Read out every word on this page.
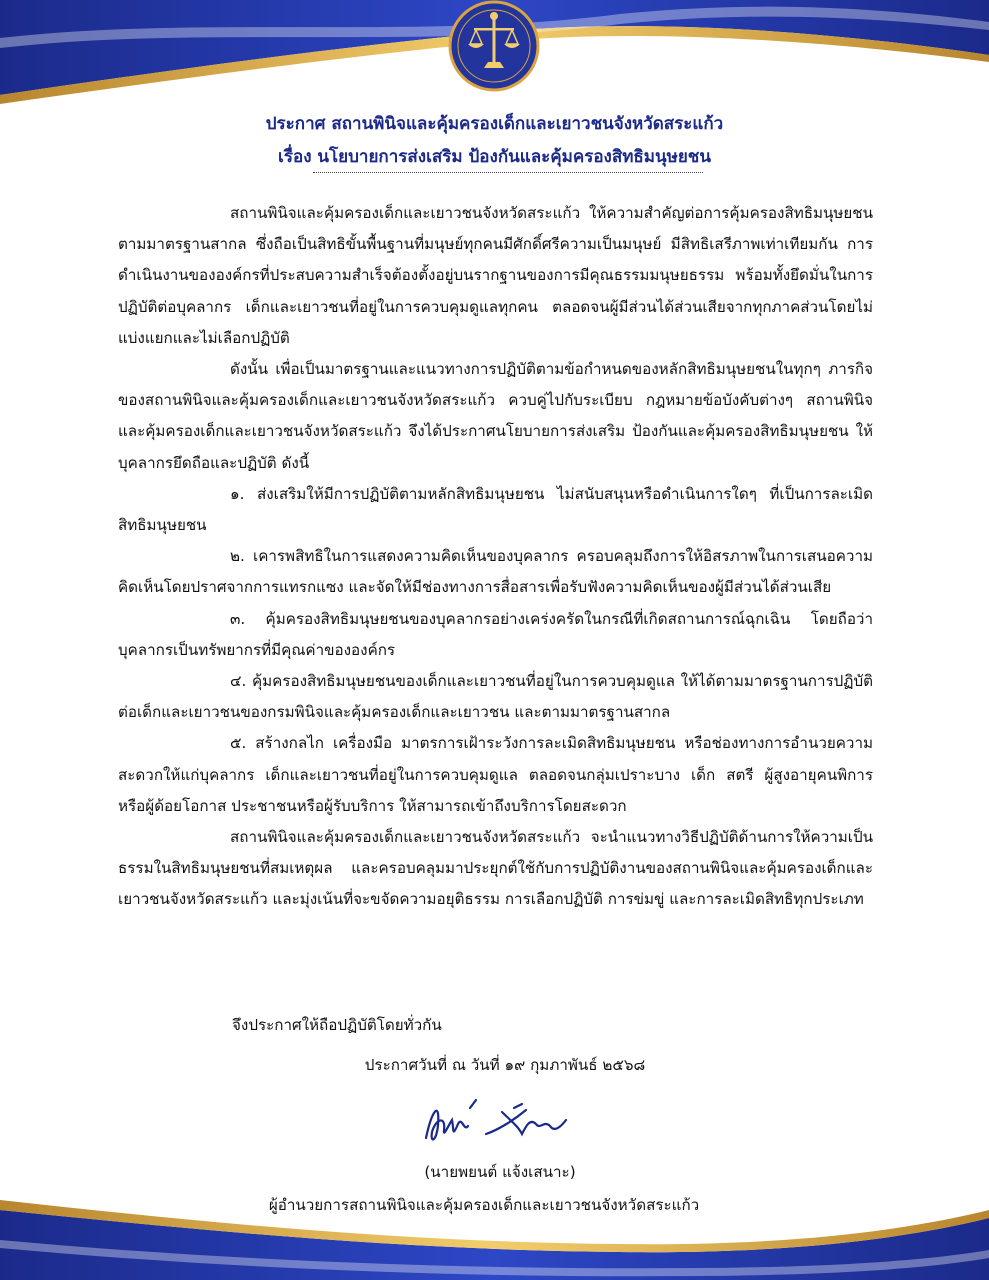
ประกาศ สถานพินิจและคุ้มครองเด็กและเยาวชนจังหวัดสระแก้ว
เรื่อง นโยบายการส่งเสริม ป้องกันและคุ้มครองสิทธิมนุษยชน

สถานพินิจและคุ้มครองเด็กและเยาวชนจังหวัดสระแก้ว ให้ความสำคัญต่อการคุ้มครองสิทธิมนุษยชนตามมาตรฐานสากล ซึ่งถือเป็นสิทธิขั้นพื้นฐานที่มนุษย์ทุกคนมีศักดิ์ศรีความเป็นมนุษย์ มีสิทธิเสรีภาพเท่าเทียมกัน การดำเนินงานขององค์กรที่ประสบความสำเร็จต้องตั้งอยู่บนรากฐานของการมีคุณธรรมมนุษยธรรม พร้อมทั้งยึดมั่นในการปฏิบัติต่อบุคลากร เด็กและเยาวชนที่อยู่ในการควบคุมดูแลทุกคน ตลอดจนผู้มีส่วนได้ส่วนเสียจากทุกภาคส่วนโดยไม่แบ่งแยกและไม่เลือกปฏิบัติ

ดังนั้น เพื่อเป็นมาตรฐานและแนวทางการปฏิบัติตามข้อกำหนดของหลักสิทธิมนุษยชนในทุกๆ ภารกิจของสถานพินิจและคุ้มครองเด็กและเยาวชนจังหวัดสระแก้ว ควบคู่ไปกับระเบียบ กฎหมายข้อบังคับต่างๆ สถานพินิจและคุ้มครองเด็กและเยาวชนจังหวัดสระแก้ว จึงได้ประกาศนโยบายการส่งเสริม ป้องกันและคุ้มครองสิทธิมนุษยชน ให้บุคลากรยึดถือและปฏิบัติ ดังนี้

๑. ส่งเสริมให้มีการปฏิบัติตามหลักสิทธิมนุษยชน ไม่สนับสนุนหรือดำเนินการใดๆ ที่เป็นการละเมิดสิทธิมนุษยชน

๒. เคารพสิทธิในการแสดงความคิดเห็นของบุคลากร ครอบคลุมถึงการให้อิสรภาพในการเสนอความคิดเห็นโดยปราศจากการแทรกแซง และจัดให้มีช่องทางการสื่อสารเพื่อรับฟังความคิดเห็นของผู้มีส่วนได้ส่วนเสีย

๓. คุ้มครองสิทธิมนุษยชนของบุคลากรอย่างเคร่งครัดในกรณีที่เกิดสถานการณ์ฉุกเฉิน โดยถือว่าบุคลากรเป็นทรัพยากรที่มีคุณค่าขององค์กร

๔. คุ้มครองสิทธิมนุษยชนของเด็กและเยาวชนที่อยู่ในการควบคุมดูแล ให้ได้ตามมาตรฐานการปฏิบัติต่อเด็กและเยาวชนของกรมพินิจและคุ้มครองเด็กและเยาวชน และตามมาตรฐานสากล

๕. สร้างกลไก เครื่องมือ มาตรการเฝ้าระวังการละเมิดสิทธิมนุษยชน หรือช่องทางการอำนวยความสะดวกให้แก่บุคลากร เด็กและเยาวชนที่อยู่ในการควบคุมดูแล ตลอดจนกลุ่มเปราะบาง เด็ก สตรี ผู้สูงอายุคนพิการ หรือผู้ด้อยโอกาส ประชาชนหรือผู้รับบริการ ให้สามารถเข้าถึงบริการโดยสะดวก

สถานพินิจและคุ้มครองเด็กและเยาวชนจังหวัดสระแก้ว จะนำแนวทางวิธีปฏิบัติด้านการให้ความเป็นธรรมในสิทธิมนุษยชนที่สมเหตุผล และครอบคลุมมาประยุกต์ใช้กับการปฏิบัติงานของสถานพินิจและคุ้มครองเด็กและเยาวชนจังหวัดสระแก้ว และมุ่งเน้นที่จะขจัดความอยุติธรรม การเลือกปฏิบัติ การข่มขู่ และการละเมิดสิทธิทุกประเภท

จึงประกาศให้ถือปฏิบัติโดยทั่วกัน
ประกาศวันที่ ณ วันที่ ๑๙ กุมภาพันธ์ ๒๕๖๘
(นายพยนต์ แจ้งเสนาะ)
ผู้อำนวยการสถานพินิจและคุ้มครองเด็กและเยาวชนจังหวัดสระแก้ว
